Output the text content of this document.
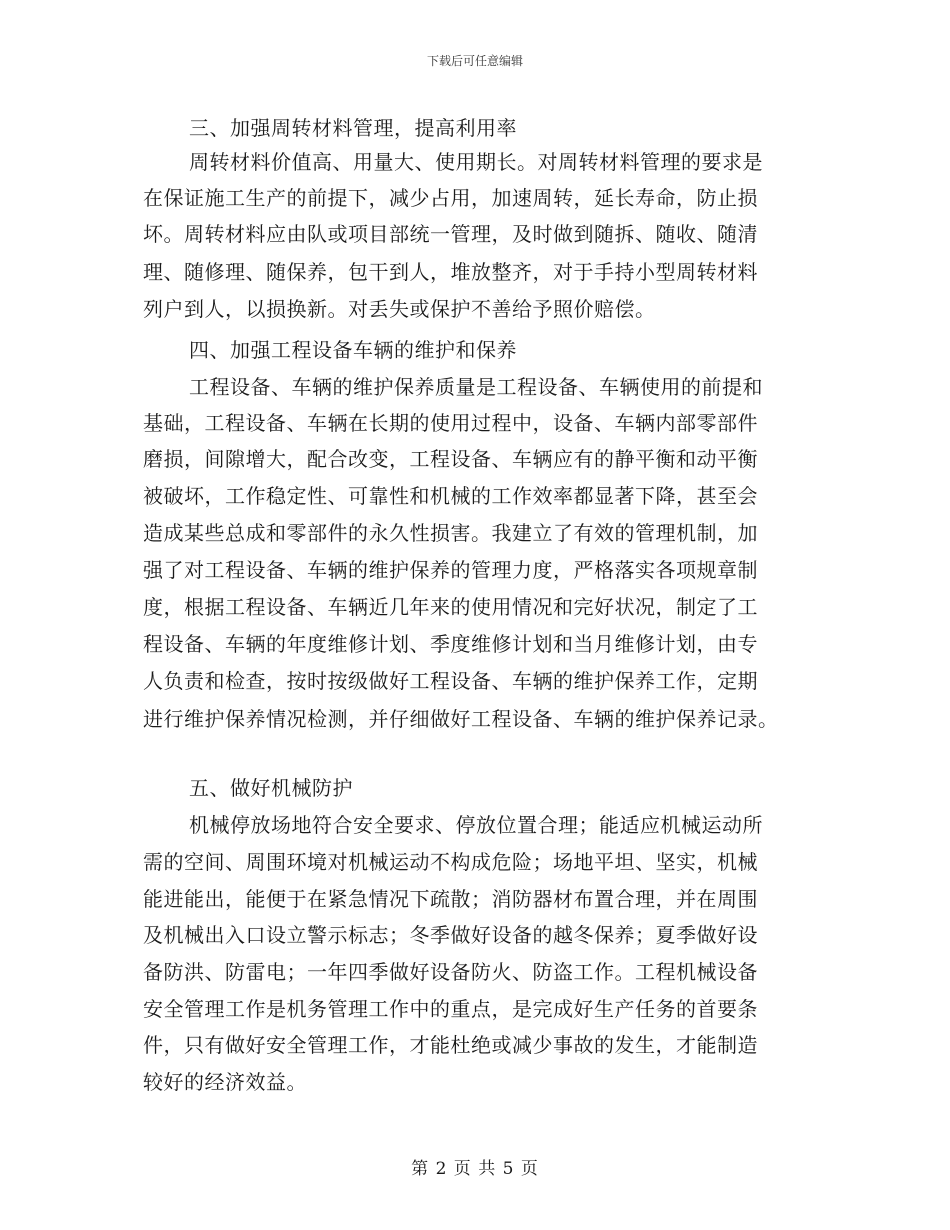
下载后可任意编辑

三、加强周转材料管理，提高利用率

周转材料价值高、用量大、使用期长。对周转材料管理的要求是

在保证施工生产的前提下，减少占用，加速周转，延长寿命，防止损

坏。周转材料应由队或项目部统一管理，及时做到随拆、随收、随清

理、随修理、随保养，包干到人，堆放整齐，对于手持小型周转材料

列户到人，以损换新。对丢失或保护不善给予照价赔偿。

四、加强工程设备车辆的维护和保养

工程设备、车辆的维护保养质量是工程设备、车辆使用的前提和

基础，工程设备、车辆在长期的使用过程中，设备、车辆内部零部件

磨损，间隙增大，配合改变，工程设备、车辆应有的静平衡和动平衡

被破坏，工作稳定性、可靠性和机械的工作效率都显著下降，甚至会

造成某些总成和零部件的永久性损害。我建立了有效的管理机制，加

强了对工程设备、车辆的维护保养的管理力度，严格落实各项规章制

度，根据工程设备、车辆近几年来的使用情况和完好状况，制定了工

程设备、车辆的年度维修计划、季度维修计划和当月维修计划，由专

人负责和检查，按时按级做好工程设备、车辆的维护保养工作，定期

进行维护保养情况检测，并仔细做好工程设备、车辆的维护保养记录。

五、做好机械防护

机械停放场地符合安全要求、停放位置合理；能适应机械运动所

需的空间、周围环境对机械运动不构成危险；场地平坦、坚实，机械

能进能出，能便于在紧急情况下疏散；消防器材布置合理，并在周围

及机械出入口设立警示标志；冬季做好设备的越冬保养；夏季做好设

备防洪、防雷电；一年四季做好设备防火、防盗工作。工程机械设备

安全管理工作是机务管理工作中的重点，是完成好生产任务的首要条

件，只有做好安全管理工作，才能杜绝或减少事故的发生，才能制造

较好的经济效益。

第 2 页 共 5 页
